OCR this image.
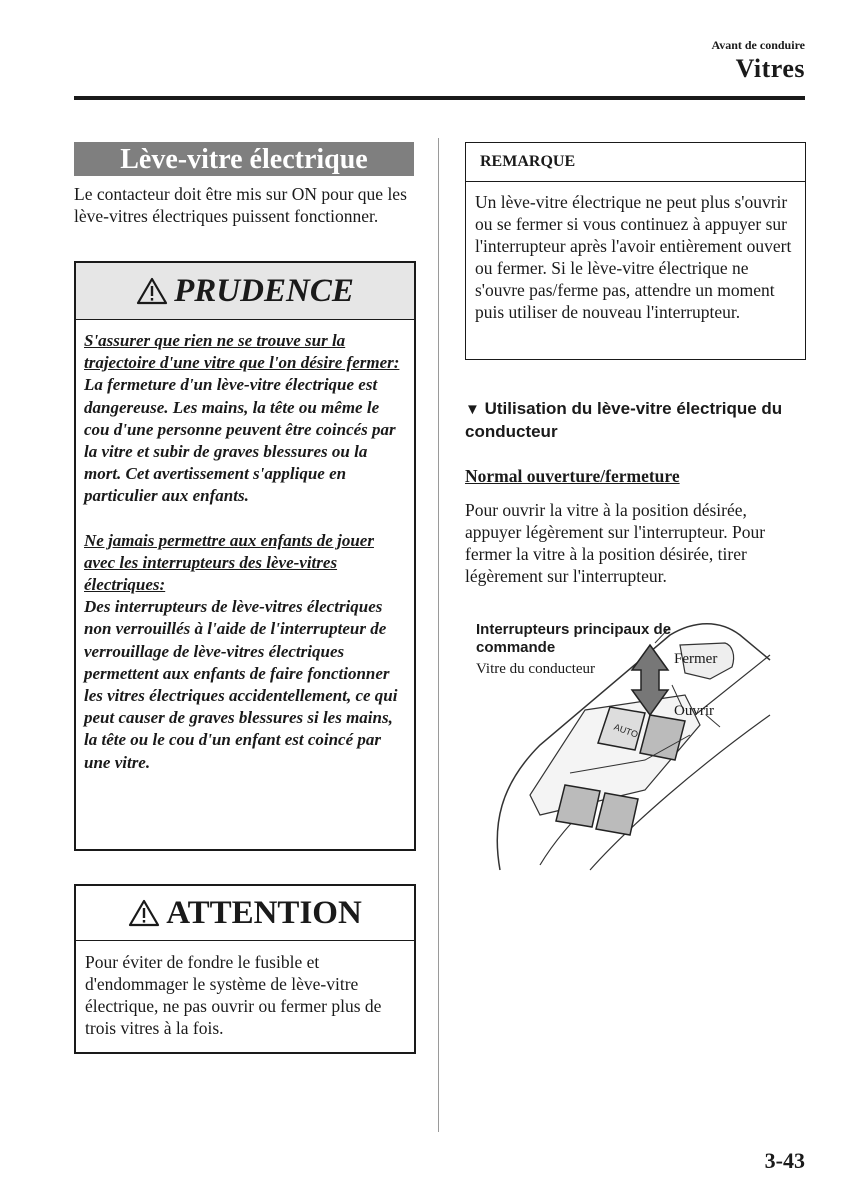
Avant de conduire
Vitres
Lève-vitre électrique
Le contacteur doit être mis sur ON pour que les lève-vitres électriques puissent fonctionner.
PRUDENCE

S'assurer que rien ne se trouve sur la trajectoire d'une vitre que l'on désire fermer:
La fermeture d'un lève-vitre électrique est dangereuse. Les mains, la tête ou même le cou d'une personne peuvent être coincés par la vitre et subir de graves blessures ou la mort. Cet avertissement s'applique en particulier aux enfants.

Ne jamais permettre aux enfants de jouer avec les interrupteurs des lève-vitres électriques:
Des interrupteurs de lève-vitres électriques non verrouillés à l'aide de l'interrupteur de verrouillage de lève-vitres électriques permettent aux enfants de faire fonctionner les vitres électriques accidentellement, ce qui peut causer de graves blessures si les mains, la tête ou le cou d'un enfant est coincé par une vitre.

ATTENTION
Pour éviter de fondre le fusible et d'endommager le système de lève-vitre électrique, ne pas ouvrir ou fermer plus de trois vitres à la fois.
REMARQUE
Un lève-vitre électrique ne peut plus s'ouvrir ou se fermer si vous continuez à appuyer sur l'interrupteur après l'avoir entièrement ouvert ou fermer. Si le lève-vitre électrique ne s'ouvre pas/ferme pas, attendre un moment puis utiliser de nouveau l'interrupteur.
▼ Utilisation du lève-vitre électrique du conducteur
Normal ouverture/fermeture
Pour ouvrir la vitre à la position désirée, appuyer légèrement sur l'interrupteur. Pour fermer la vitre à la position désirée, tirer légèrement sur l'interrupteur.
AUTO
Interrupteurs principaux de commande
Vitre du conducteur
Fermer
Ouvrir
3-43
